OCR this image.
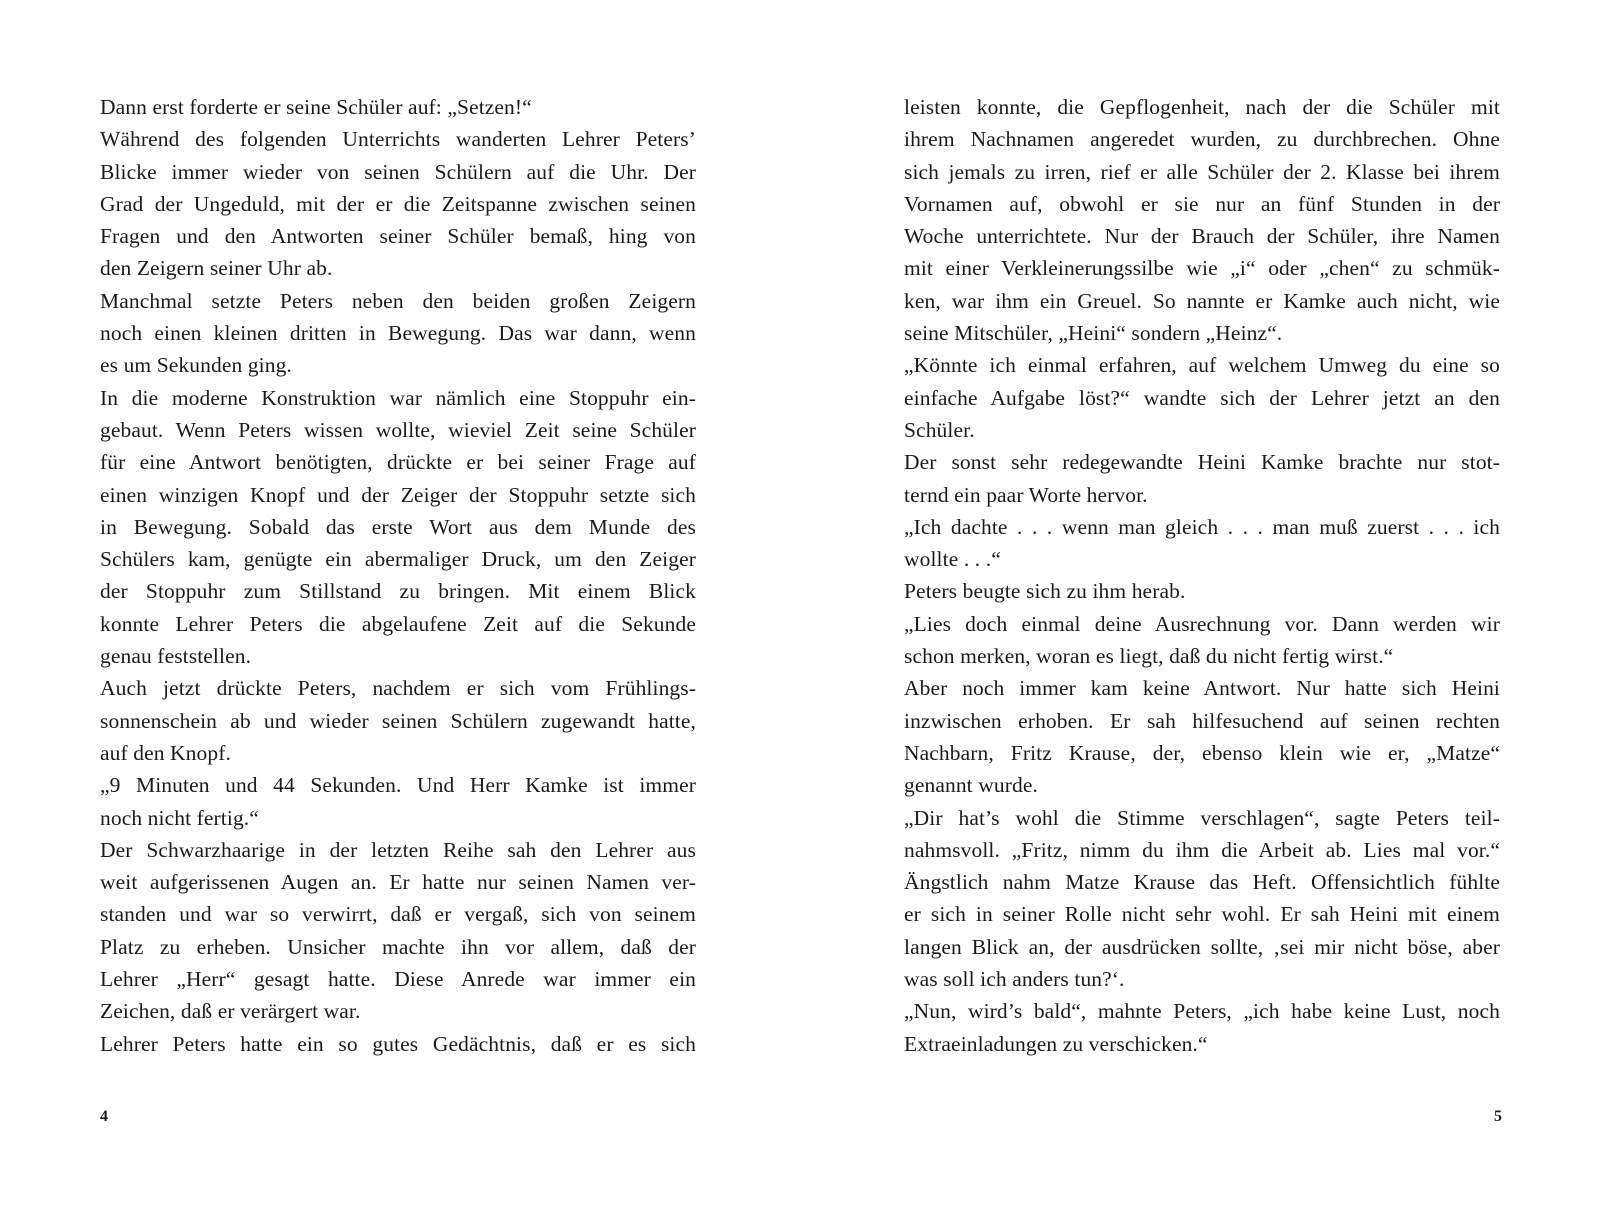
Dann erst forderte er seine Schüler auf: „Setzen!“
Während des folgenden Unterrichts wanderten Lehrer Peters’
Blicke immer wieder von seinen Schülern auf die Uhr. Der
Grad der Ungeduld, mit der er die Zeitspanne zwischen seinen
Fragen und den Antworten seiner Schüler bemaß, hing von
den Zeigern seiner Uhr ab.
Manchmal setzte Peters neben den beiden großen Zeigern
noch einen kleinen dritten in Bewegung. Das war dann, wenn
es um Sekunden ging.
In die moderne Konstruktion war nämlich eine Stoppuhr ein-
gebaut. Wenn Peters wissen wollte, wieviel Zeit seine Schüler
für eine Antwort benötigten, drückte er bei seiner Frage auf
einen winzigen Knopf und der Zeiger der Stoppuhr setzte sich
in Bewegung. Sobald das erste Wort aus dem Munde des
Schülers kam, genügte ein abermaliger Druck, um den Zeiger
der Stoppuhr zum Stillstand zu bringen. Mit einem Blick
konnte Lehrer Peters die abgelaufene Zeit auf die Sekunde
genau feststellen.
Auch jetzt drückte Peters, nachdem er sich vom Frühlings-
sonnenschein ab und wieder seinen Schülern zugewandt hatte,
auf den Knopf.
„9 Minuten und 44 Sekunden. Und Herr Kamke ist immer
noch nicht fertig.“
Der Schwarzhaarige in der letzten Reihe sah den Lehrer aus
weit aufgerissenen Augen an. Er hatte nur seinen Namen ver-
standen und war so verwirrt, daß er vergaß, sich von seinem
Platz zu erheben. Unsicher machte ihn vor allem, daß der
Lehrer „Herr“ gesagt hatte. Diese Anrede war immer ein
Zeichen, daß er verärgert war.
Lehrer Peters hatte ein so gutes Gedächtnis, daß er es sich
4
leisten konnte, die Gepflogenheit, nach der die Schüler mit
ihrem Nachnamen angeredet wurden, zu durchbrechen. Ohne
sich jemals zu irren, rief er alle Schüler der 2. Klasse bei ihrem
Vornamen auf, obwohl er sie nur an fünf Stunden in der
Woche unterrichtete. Nur der Brauch der Schüler, ihre Namen
mit einer Verkleinerungssilbe wie „i“ oder „chen“ zu schmük-
ken, war ihm ein Greuel. So nannte er Kamke auch nicht, wie
seine Mitschüler, „Heini“ sondern „Heinz“.
„Könnte ich einmal erfahren, auf welchem Umweg du eine so
einfache Aufgabe löst?“ wandte sich der Lehrer jetzt an den
Schüler.
Der sonst sehr redegewandte Heini Kamke brachte nur stot-
ternd ein paar Worte hervor.
„Ich dachte . . . wenn man gleich . . . man muß zuerst . . . ich
wollte . . .“
Peters beugte sich zu ihm herab.
„Lies doch einmal deine Ausrechnung vor. Dann werden wir
schon merken, woran es liegt, daß du nicht fertig wirst.“
Aber noch immer kam keine Antwort. Nur hatte sich Heini
inzwischen erhoben. Er sah hilfesuchend auf seinen rechten
Nachbarn, Fritz Krause, der, ebenso klein wie er, „Matze“
genannt wurde.
„Dir hat’s wohl die Stimme verschlagen“, sagte Peters teil-
nahmsvoll. „Fritz, nimm du ihm die Arbeit ab. Lies mal vor.“
Ängstlich nahm Matze Krause das Heft. Offensichtlich fühlte
er sich in seiner Rolle nicht sehr wohl. Er sah Heini mit einem
langen Blick an, der ausdrücken sollte, ‚sei mir nicht böse, aber
was soll ich anders tun?‘.
„Nun, wird’s bald“, mahnte Peters, „ich habe keine Lust, noch
Extraeinladungen zu verschicken.“
5
